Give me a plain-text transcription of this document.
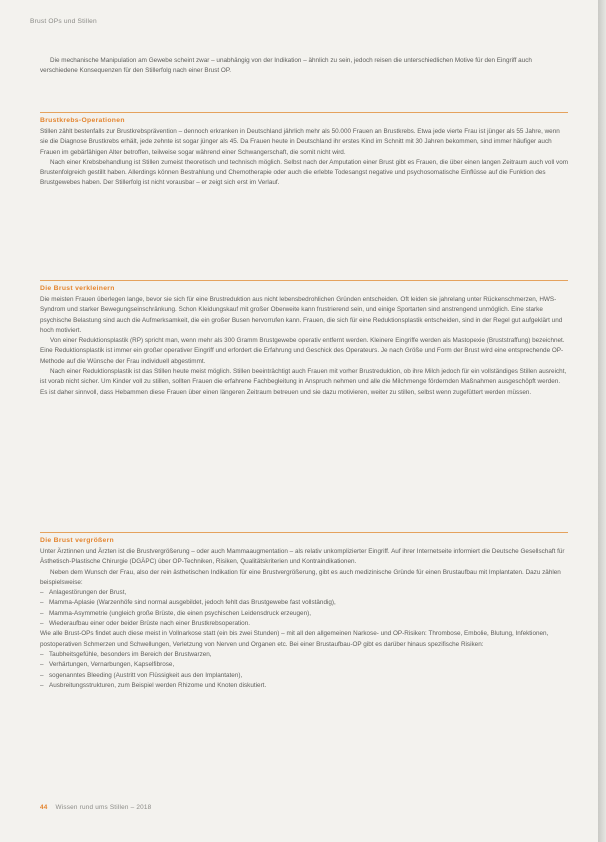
Brust OPs und Stillen

Die mechanische Manipulation am Gewebe scheint zwar – unabhängig von der Indikation – ähnlich zu sein, jedoch reisen die unterschiedlichen Motive für den Eingriff auch verschiedene Konsequenzen für den Stillerfolg nach einer Brust OP.

Brustkrebs-Operationen

Stillen zählt bestenfalls zur Brustkrebsprävention – dennoch erkranken in Deutschland jährlich mehr als 50.000 Frauen an Brustkrebs. Etwa jede vierte Frau ist jünger als 55 Jahre, wenn sie die Diagnose Brustkrebs erhält, jede zehnte ist sogar jünger als 45. Da Frauen heute in Deutschland ihr erstes Kind im Schnitt mit 30 Jahren bekommen, sind immer häufiger auch Frauen im gebärfähigen Alter betroffen, teilweise sogar während einer Schwangerschaft, die somit nicht wird.

Nach einer Krebsbehandlung ist Stillen zumeist theoretisch und technisch möglich. Selbst nach der Amputation einer Brust gibt es Frauen, die über einen langen Zeitraum auch voll vom Brustenfolgreich gestillt haben. Allerdings können Bestrahlung und Chemotherapie oder auch die erlebte Todesangst negative und psychosomatische Einflüsse auf die Funktion des Brustgewebes haben. Der Stillerfolg ist nicht vorausbar – er zeigt sich erst im Verlauf.

Die Brust verkleinern

Die meisten Frauen überlegen lange, bevor sie sich für eine Brustreduktion aus nicht lebensbedrohlichen Gründen entscheiden. Oft leiden sie jahrelang unter Rückenschmerzen, HWS-Syndrom und starker Bewegungseinschränkung. Schon Kleidungskauf mit großer Oberweite kann frustrierend sein, und einige Sportarten sind anstrengend unmöglich. Eine starke psychische Belastung sind auch die Aufmerksamkeit, die ein großer Busen hervorrufen kann. Frauen, die sich für eine Reduktionsplastik entscheiden, sind in der Regel gut aufgeklärt und hoch motiviert.

Von einer Reduktionsplastik (RP) spricht man, wenn mehr als 300 Gramm Brustgewebe operativ entfernt werden. Kleinere Eingriffe werden als Mastopexie (Bruststraffung) bezeichnet. Eine Reduktionsplastik ist immer ein großer operativer Eingriff und erfordert die Erfahrung und Geschick des Operateurs. Je nach Größe und Form der Brust wird eine entsprechende OP-Methode auf die Wünsche der Frau individuell abgestimmt.

Nach einer Reduktionsplastik ist das Stillen heute meist möglich. Stillen beeinträchtigt auch Frauen mit vorher Brustreduktion, ob ihre Milch jedoch für ein vollständiges Stillen ausreicht, ist vorab nicht sicher. Um Kinder voll zu stillen, sollten Frauen die erfahrene Fachbegleitung in Anspruch nehmen und alle die Milchmenge fördernden Maßnahmen ausgeschöpft werden. Es ist daher sinnvoll, dass Hebammen diese Frauen über einen längeren Zeitraum betreuen und sie dazu motivieren, weiter zu stillen, selbst wenn zugefüttert werden müssen.

Die Brust vergrößern

Unter Ärztinnen und Ärzten ist die Brustvergrößerung – oder auch Mammaaugmentation – als relativ unkomplizierter Eingriff. Auf ihrer Internetseite informiert die Deutsche Gesellschaft für Ästhetisch-Plastische Chirurgie (DGÄPC) über OP-Techniken, Risiken, Qualitätskriterien und Kontraindikationen.

Neben dem Wunsch der Frau, also der rein ästhetischen Indikation für eine Brustvergrößerung, gibt es auch medizinische Gründe für einen Brustaufbau mit Implantaten. Dazu zählen beispielsweise:

– Anlagestörungen der Brust,
– Mamma-Aplasie (Warzenhöfe sind normal ausgebildet, jedoch fehlt das Brustgewebe fast vollständig),
– Mamma-Asymmetrie (ungleich große Brüste, die einen psychischen Leidensdruck erzeugen),
– Wiederaufbau einer oder beider Brüste nach einer Brustkrebsoperation.

Wie alle Brust-OPs findet auch diese meist in Vollnarkose statt (ein bis zwei Stunden) – mit all den allgemeinen Narkose- und OP-Risiken: Thrombose, Embolie, Blutung, Infektionen, postoperativen Schmerzen und Schwellungen, Verletzung von Nerven und Organen etc. Bei einer Brustaufbau-OP gibt es darüber hinaus spezifische Risiken:

– Taubheitsgefühle, besonders im Bereich der Brustwarzen,
– Verhärtungen, Vernarbungen, Kapselfibrose,
– sogenanntes Bleeding (Austritt von Flüssigkeit aus den Implantaten),
– Ausbreitungsstrukturen, zum Beispiel werden Rhizome und Knoten diskutiert.
44 Wissen rund ums Stillen – 2018
